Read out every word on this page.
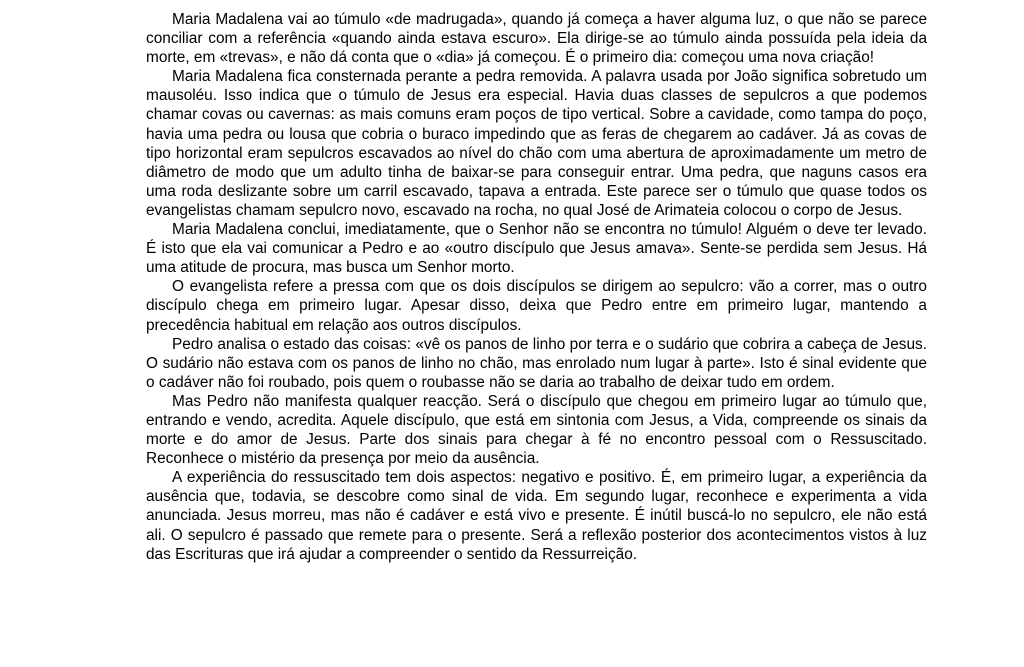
Maria Madalena vai ao túmulo «de madrugada», quando já começa a haver alguma luz, o que não se parece conciliar com a referência «quando ainda estava escuro». Ela dirige-se ao túmulo ainda possuída pela ideia da morte, em «trevas», e não dá conta que o «dia» já começou. É o primeiro dia: começou uma nova criação!

Maria Madalena fica consternada perante a pedra removida. A palavra usada por João significa sobretudo um mausoléu. Isso indica que o túmulo de Jesus era especial. Havia duas classes de sepulcros a que podemos chamar covas ou cavernas: as mais comuns eram poços de tipo vertical. Sobre a cavidade, como tampa do poço, havia uma pedra ou lousa que cobria o buraco impedindo que as feras de chegarem ao cadáver. Já as covas de tipo horizontal eram sepulcros escavados ao nível do chão com uma abertura de aproximadamente um metro de diâmetro de modo que um adulto tinha de baixar-se para conseguir entrar. Uma pedra, que naguns casos era uma roda deslizante sobre um carril escavado, tapava a entrada. Este parece ser o túmulo que quase todos os evangelistas chamam sepulcro novo, escavado na rocha, no qual José de Arimateia colocou o corpo de Jesus.

Maria Madalena conclui, imediatamente, que o Senhor não se encontra no túmulo! Alguém o deve ter levado. É isto que ela vai comunicar a Pedro e ao «outro discípulo que Jesus amava». Sente-se perdida sem Jesus. Há uma atitude de procura, mas busca um Senhor morto.

O evangelista refere a pressa com que os dois discípulos se dirigem ao sepulcro: vão a correr, mas o outro discípulo chega em primeiro lugar. Apesar disso, deixa que Pedro entre em primeiro lugar, mantendo a precedência habitual em relação aos outros discípulos.

Pedro analisa o estado das coisas: «vê os panos de linho por terra e o sudário que cobrira a cabeça de Jesus. O sudário não estava com os panos de linho no chão, mas enrolado num lugar à parte». Isto é sinal evidente que o cadáver não foi roubado, pois quem o roubasse não se daria ao trabalho de deixar tudo em ordem.

Mas Pedro não manifesta qualquer reacção. Será o discípulo que chegou em primeiro lugar ao túmulo que, entrando e vendo, acredita. Aquele discípulo, que está em sintonia com Jesus, a Vida, compreende os sinais da morte e do amor de Jesus. Parte dos sinais para chegar à fé no encontro pessoal com o Ressuscitado. Reconhece o mistério da presença por meio da ausência.

A experiência do ressuscitado tem dois aspectos: negativo e positivo. É, em primeiro lugar, a experiência da ausência que, todavia, se descobre como sinal de vida. Em segundo lugar, reconhece e experimenta a vida anunciada. Jesus morreu, mas não é cadáver e está vivo e presente. É inútil buscá-lo no sepulcro, ele não está ali. O sepulcro é passado que remete para o presente. Será a reflexão posterior dos acontecimentos vistos à luz das Escrituras que irá ajudar a compreender o sentido da Ressurreição.
